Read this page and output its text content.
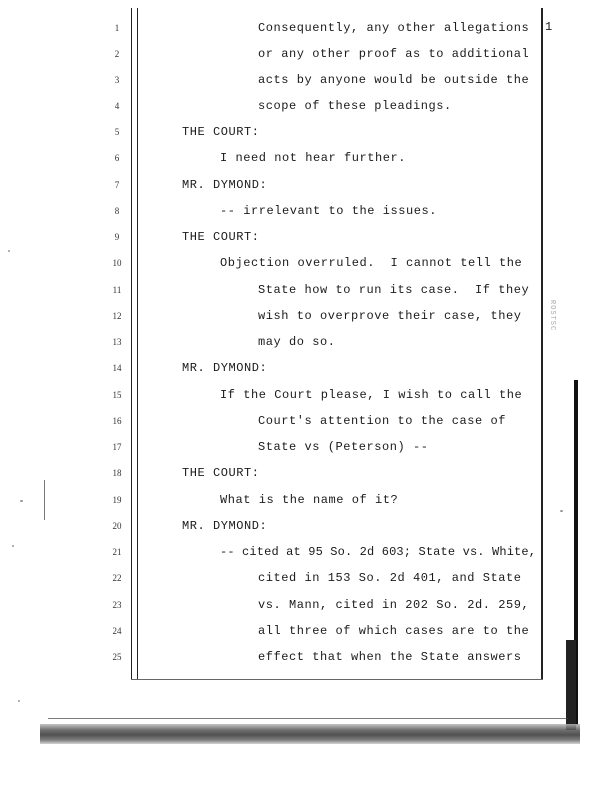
1
ROSTSC
1	Consequently, any other allegations
2	or any other proof as to additional
3	acts by anyone would be outside the
4	scope of these pleadings.
5	THE COURT:
6	I need not hear further.
7	MR. DYMOND:
8	-- irrelevant to the issues.
9	THE COURT:
10	Objection overruled.  I cannot tell the
11	State how to run its case.  If they
12	wish to overprove their case, they
13	may do so.
14	MR. DYMOND:
15	If the Court please, I wish to call the
16	Court's attention to the case of
17	State vs (Peterson) --
18	THE COURT:
19	What is the name of it?
20	MR. DYMOND:
21	-- cited at 95 So. 2d 603; State vs. White,
22	cited in 153 So. 2d 401, and State
23	vs. Mann, cited in 202 So. 2d. 259,
24	all three of which cases are to the
25	effect that when the State answers
